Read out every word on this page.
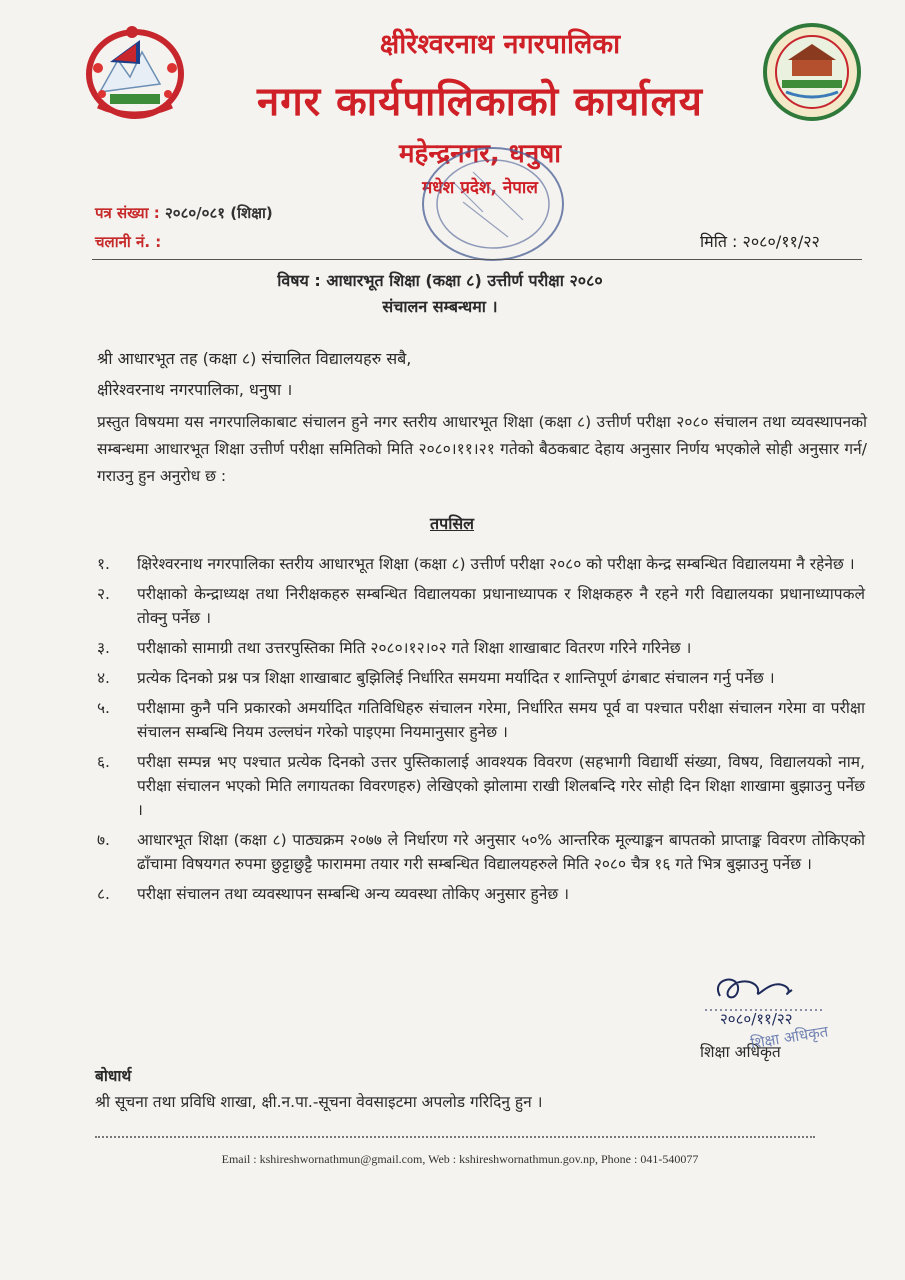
क्षीरेश्वरनाथ नगरपालिका
नगर कार्यपालिकाको कार्यालय
महेन्द्रनगर, धनुषा
मधेश प्रदेश, नेपाल
पत्र संख्या : २०८०/०८१ (शिक्षा)
चलानी नं. :	मिति : २०८०/११/२२
विषय : आधारभूत शिक्षा (कक्षा ८) उत्तीर्ण परीक्षा २०८०
संचालन सम्बन्धमा ।
श्री आधारभूत तह (कक्षा ८) संचालित विद्यालयहरु सबै,
क्षीरेश्वरनाथ नगरपालिका, धनुषा ।
प्रस्तुत विषयमा यस नगरपालिकाबाट संचालन हुने नगर स्तरीय आधारभूत शिक्षा (कक्षा ८) उत्तीर्ण परीक्षा २०८० संचालन तथा व्यवस्थापनको सम्बन्धमा आधारभूत शिक्षा उत्तीर्ण परीक्षा समितिको मिति २०८०।११।२१ गतेको बैठकबाट देहाय अनुसार निर्णय भएकोले सोही अनुसार गर्न/गराउनु हुन अनुरोध छ :
तपसिल
१.	क्षिरेश्वरनाथ नगरपालिका स्तरीय आधारभूत शिक्षा (कक्षा ८) उत्तीर्ण परीक्षा २०८० को परीक्षा केन्द्र सम्बन्धित विद्यालयमा नै रहेनेछ ।
२.	परीक्षाको केन्द्राध्यक्ष तथा निरीक्षकहरु सम्बन्धित विद्यालयका प्रधानाध्यापक र शिक्षकहरु नै रहने गरी विद्यालयका प्रधानाध्यापकले तोक्नु पर्नेछ ।
३.	परीक्षाको सामाग्री तथा उत्तरपुस्तिका मिति २०८०।१२।०२ गते शिक्षा शाखाबाट वितरण गरिने गरिनेछ ।
४.	प्रत्येक दिनको प्रश्न पत्र शिक्षा शाखाबाट बुझिलिई निर्धारित समयमा मर्यादित र शान्तिपूर्ण ढंगबाट संचालन गर्नु पर्नेछ ।
५.	परीक्षामा कुनै पनि प्रकारको अमर्यादित गतिविधिहरु संचालन गरेमा, निर्धारित समय पूर्व वा पश्चात परीक्षा संचालन गरेमा वा परीक्षा संचालन सम्बन्धि नियम उल्लघंन गरेको पाइएमा नियमानुसार हुनेछ ।
६.	परीक्षा सम्पन्न भए पश्चात प्रत्येक दिनको उत्तर पुस्तिकालाई आवश्यक विवरण (सहभागी विद्यार्थी संख्या, विषय, विद्यालयको नाम, परीक्षा संचालन भएको मिति लगायतका विवरणहरु) लेखिएको झोलामा राखी शिलबन्दि गरेर सोही दिन शिक्षा शाखामा बुझाउनु पर्नेछ ।
७.	आधारभूत शिक्षा (कक्षा ८) पाठ्यक्रम २०७७ ले निर्धारण गरे अनुसार ५०% आन्तरिक मूल्याङ्कन बापतको प्राप्ताङ्क विवरण तोकिएको ढाँचामा विषयगत रुपमा छुट्टाछुट्टै फाराममा तयार गरी सम्बन्धित विद्यालयहरुले मिति २०८० चैत्र १६ गते भित्र बुझाउनु पर्नेछ ।
८.	परीक्षा संचालन तथा व्यवस्थापन सम्बन्धि अन्य व्यवस्था तोकिए अनुसार हुनेछ ।
२०८०/११/२२
शिक्षा अधिकृत
शिक्षा अधिकृत
बोधार्थ
श्री सूचना तथा प्रविधि शाखा, क्षी.न.पा.-सूचना वेवसाइटमा अपलोड गरिदिनु हुन ।
Email : kshireshwornathmun@gmail.com, Web : kshireshwornathmun.gov.np, Phone : 041-540077
